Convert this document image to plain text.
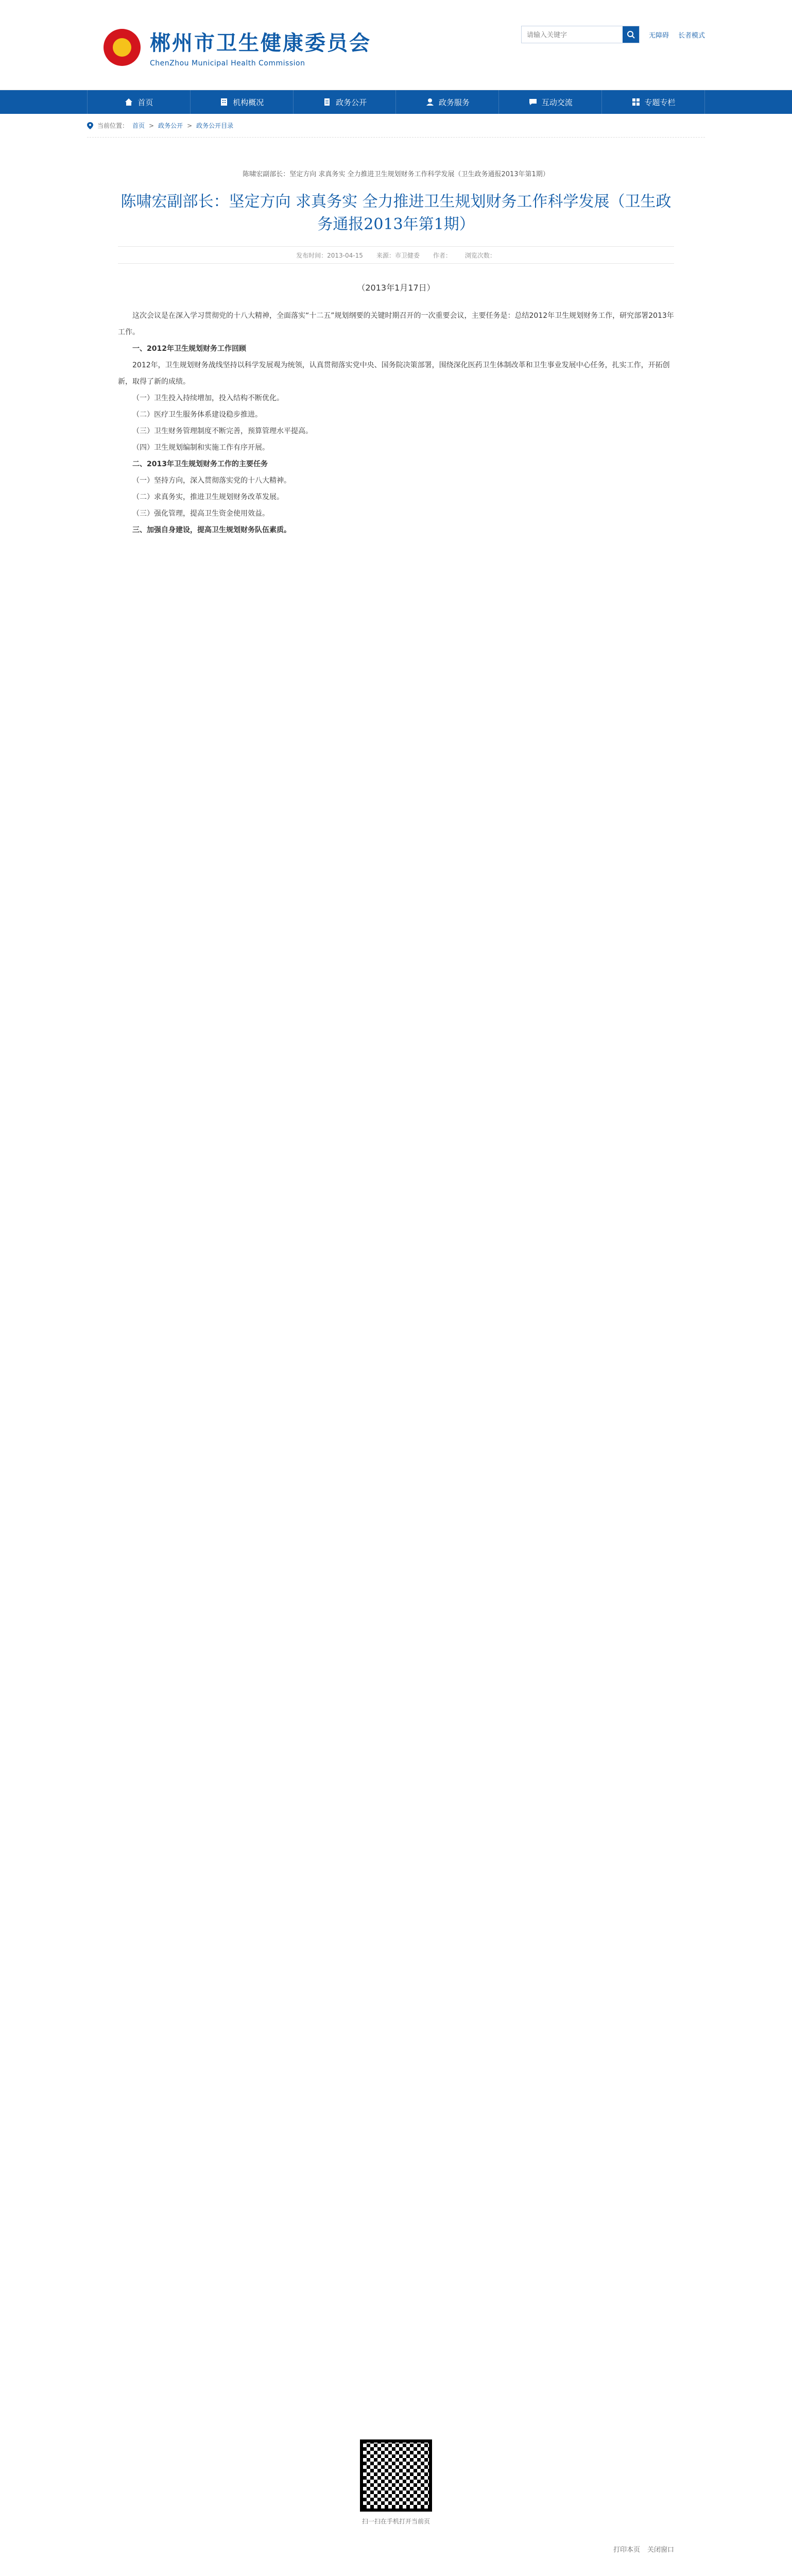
郴州市卫生健康委员会
ChenZhou Municipal Health Commission
请输入关键字
无障碍 长者模式
首页	机构概况	政务公开	政务服务	互动交流	专题专栏
当前位置： 首页 > 政务公开 > 政务公开目录
陈啸宏副部长：坚定方向 求真务实 全力推进卫生规划财务工作科学发展（卫生政务通报2013年第1期）
陈啸宏副部长：坚定方向 求真务实 全力推进卫生规划财务工作科学发展（卫生政务通报2013年第1期）
发布时间：2013-04-15 来源：市卫健委 作者： 浏览次数：
（2013年1月17日）

这次会议是在深入学习贯彻党的十八大精神，全面落实“十二五”规划纲要的关键时期召开的一次重要会议，主要任务是：总结2012年卫生规划财务工作，研究部署2013年工作。

一、2012年卫生规划财务工作回顾

2012年，卫生规划财务战线坚持以科学发展观为统领，认真贯彻落实党中央、国务院决策部署，围绕深化医药卫生体制改革和卫生事业发展中心任务，扎实工作，开拓创新，取得了新的成绩。

（一）卫生投入持续增加，投入结构不断优化。

（二）医疗卫生服务体系建设稳步推进。

（三）卫生财务管理制度不断完善，预算管理水平提高。

（四）卫生规划编制和实施工作有序开展。

二、2013年卫生规划财务工作的主要任务

（一）坚持方向，深入贯彻落实党的十八大精神。

（二）求真务实，推进卫生规划财务改革发展。

（三）强化管理，提高卫生资金使用效益。

三、加强自身建设，提高卫生规划财务队伍素质。

扫一扫在手机打开当前页
打印本页 关闭窗口
